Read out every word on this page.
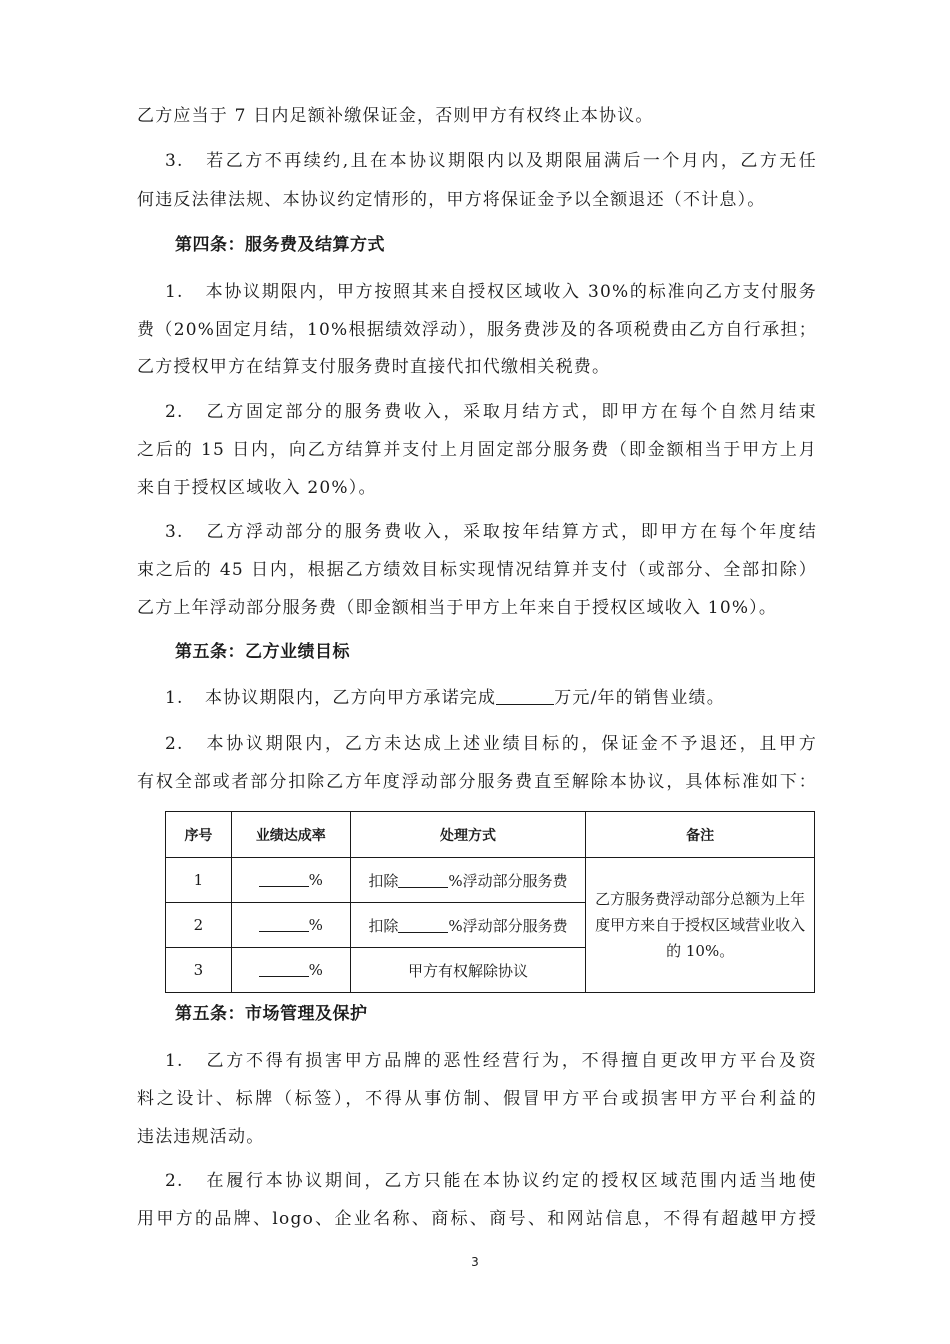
乙方应当于 7 日内足额补缴保证金，否则甲方有权终止本协议。
3. 若乙方不再续约,且在本协议期限内以及期限届满后一个月内，乙方无任
何违反法律法规、本协议约定情形的，甲方将保证金予以全额退还（不计息）。
第四条：服务费及结算方式
1. 本协议期限内，甲方按照其来自授权区域收入 30%的标准向乙方支付服务
费（20%固定月结，10%根据绩效浮动），服务费涉及的各项税费由乙方自行承担；
乙方授权甲方在结算支付服务费时直接代扣代缴相关税费。
2. 乙方固定部分的服务费收入，采取月结方式，即甲方在每个自然月结束
之后的 15 日内，向乙方结算并支付上月固定部分服务费（即金额相当于甲方上月
来自于授权区域收入 20%）。
3. 乙方浮动部分的服务费收入，采取按年结算方式，即甲方在每个年度结
束之后的 45 日内，根据乙方绩效目标实现情况结算并支付（或部分、全部扣除）
乙方上年浮动部分服务费（即金额相当于甲方上年来自于授权区域收入 10%）。
第五条：乙方业绩目标
1. 本协议期限内，乙方向甲方承诺完成	万元/年的销售业绩。
2. 本协议期限内，乙方未达成上述业绩目标的，保证金不予退还，且甲方
有权全部或者部分扣除乙方年度浮动部分服务费直至解除本协议，具体标准如下：
序号	业绩达成率	处理方式	备注
1	%	扣除 %浮动部分服务费	乙方服务费浮动部分总额为上年度甲方来自于授权区域营业收入的 10%。
2	%	扣除 %浮动部分服务费	
3	%	甲方有权解除协议	
第五条：市场管理及保护
1. 乙方不得有损害甲方品牌的恶性经营行为，不得擅自更改甲方平台及资
料之设计、标牌（标签），不得从事仿制、假冒甲方平台或损害甲方平台利益的
违法违规活动。
2. 在履行本协议期间，乙方只能在本协议约定的授权区域范围内适当地使
用甲方的品牌、logo、企业名称、商标、商号、和网站信息，不得有超越甲方授
3
